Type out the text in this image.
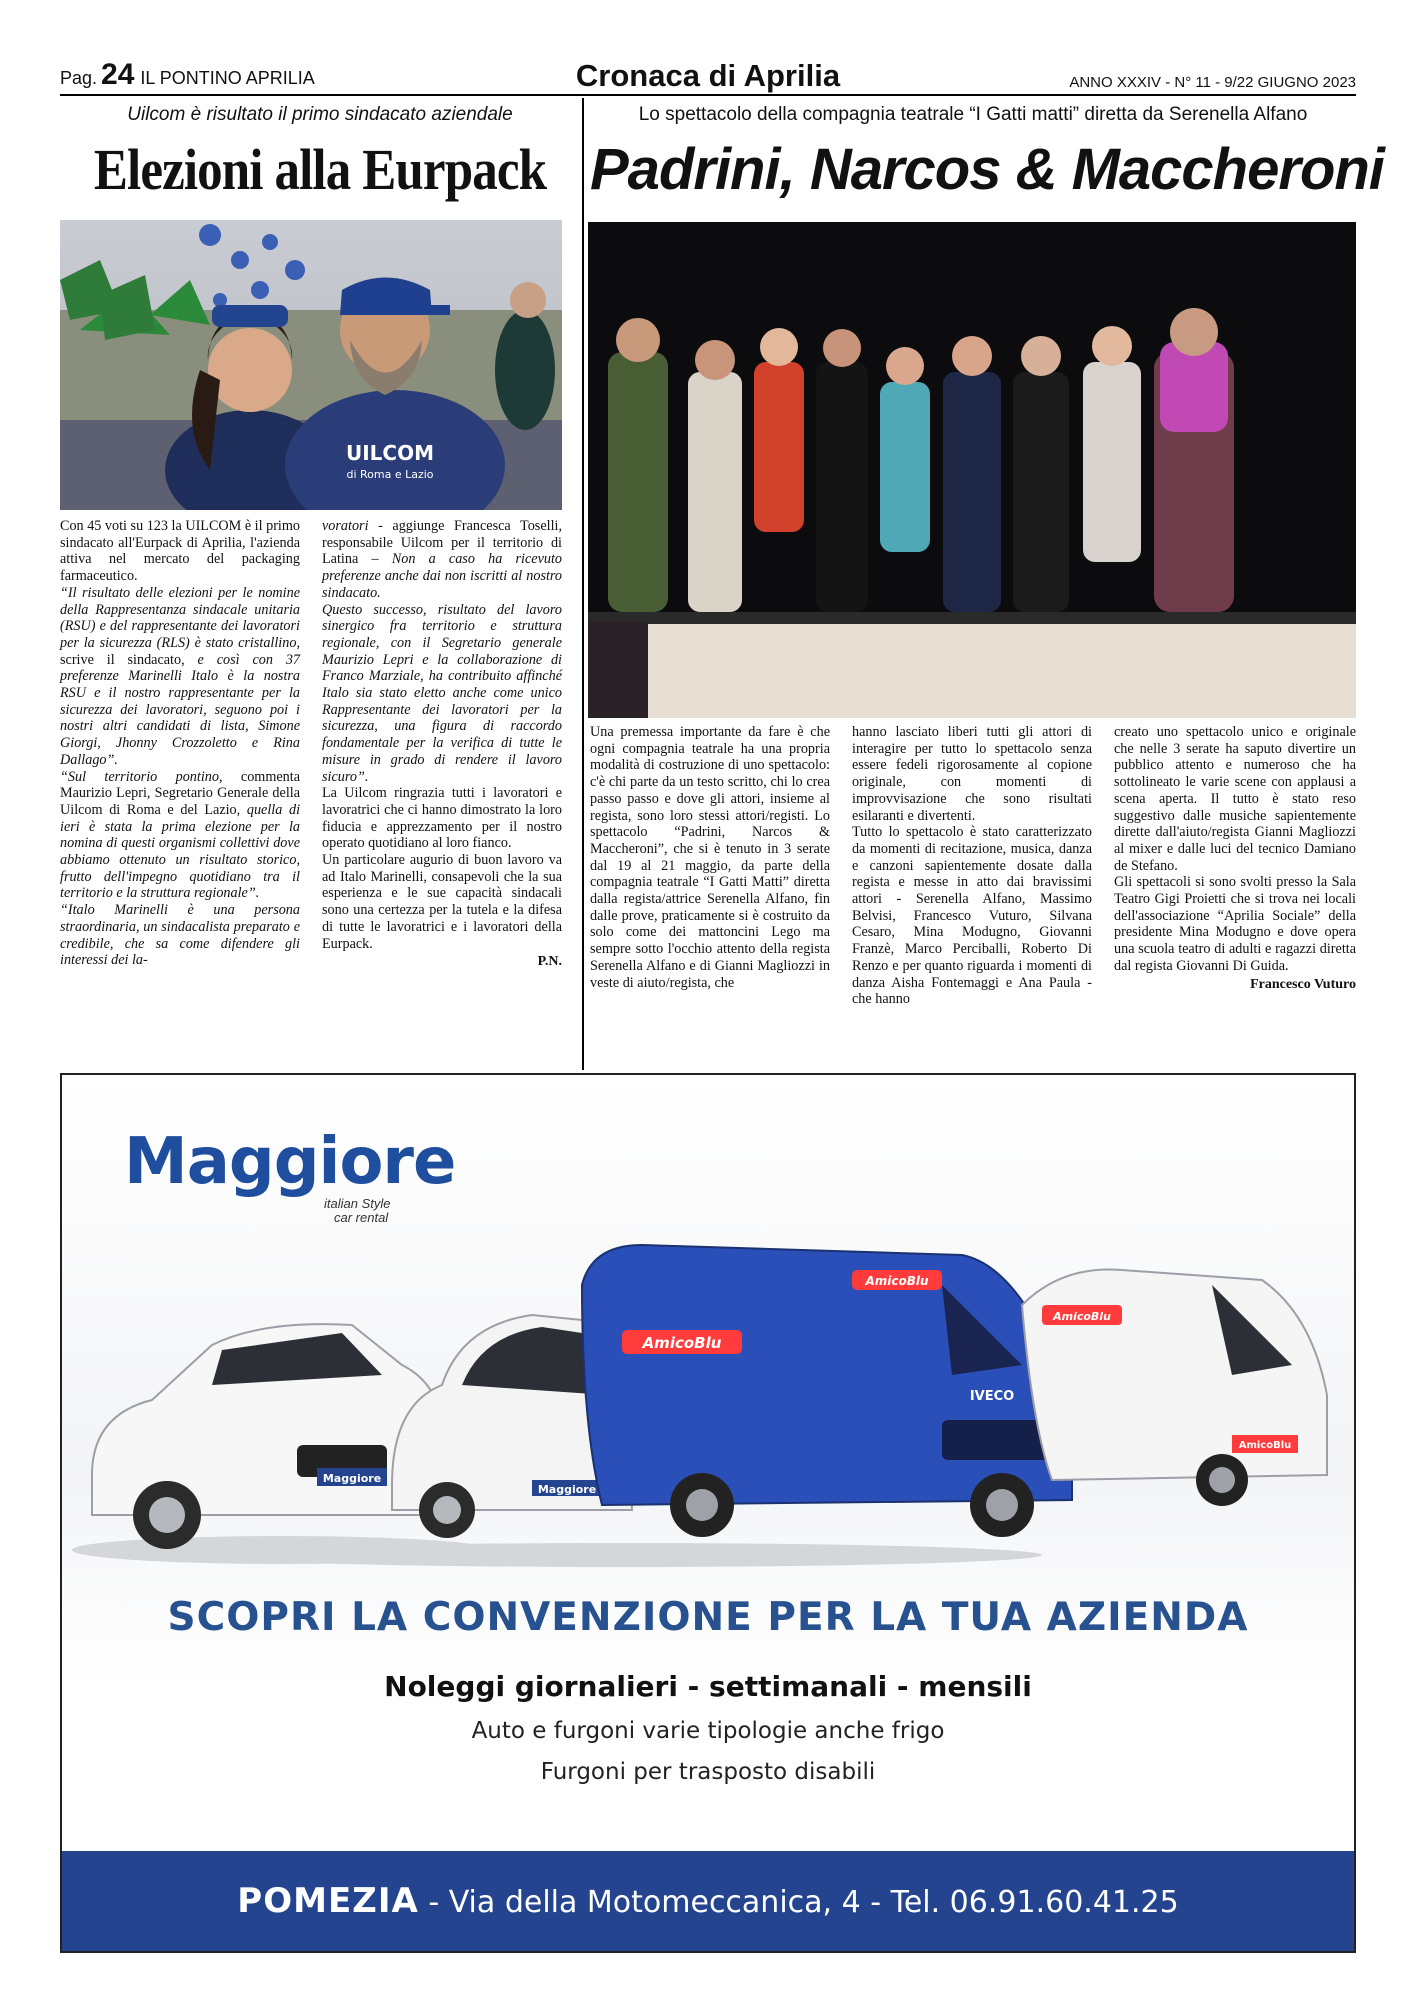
Pag. 24 IL PONTINO APRILIA	Cronaca di Aprilia	ANNO XXXIV - N° 11 - 9/22 GIUGNO 2023
Uilcom è risultato il primo sindacato aziendale
Elezioni alla Eurpack
UILCOM
di Roma e Lazio

Con 45 voti su 123 la UILCOM è il primo sindacato all'Eurpack di Aprilia, l'azienda attiva nel mercato del packaging farmaceutico.

“Il risultato delle elezioni per le nomine della Rappresentanza sindacale unitaria (RSU) e del rappresentante dei lavoratori per la sicurezza (RLS) è stato cristallino, scrive il sindacato, e così con 37 preferenze Marinelli Italo è la nostra RSU e il nostro rappresentante per la sicurezza dei lavoratori, seguono poi i nostri altri candidati di lista, Simone Giorgi, Jhonny Crozzoletto e Rina Dallago”.

“Sul territorio pontino, commenta Maurizio Lepri, Segretario Generale della Uilcom di Roma e del Lazio, quella di ieri è stata la prima elezione per la nomina di questi organismi collettivi dove abbiamo ottenuto un risultato storico, frutto dell'impegno quotidiano tra il territorio e la struttura regionale”.

“Italo Marinelli è una persona straordinaria, un sindacalista preparato e credibile, che sa come difendere gli interessi dei la-

voratori - aggiunge Francesca Toselli, responsabile Uilcom per il territorio di Latina – Non a caso ha ricevuto preferenze anche dai non iscritti al nostro sindacato.

Questo successo, risultato del lavoro sinergico fra territorio e struttura regionale, con il Segretario generale Maurizio Lepri e la collaborazione di Franco Marziale, ha contribuito affinché Italo sia stato eletto anche come unico Rappresentante dei lavoratori per la sicurezza, una figura di raccordo fondamentale per la verifica di tutte le misure in grado di rendere il lavoro sicuro”.

La Uilcom ringrazia tutti i lavoratori e lavoratrici che ci hanno dimostrato la loro fiducia e apprezzamento per il nostro operato quotidiano al loro fianco.

Un particolare augurio di buon lavoro va ad Italo Marinelli, consapevoli che la sua esperienza e le sue capacità sindacali sono una certezza per la tutela e la difesa di tutte le lavoratrici e i lavoratori della Eurpack.

P.N.
Lo spettacolo della compagnia teatrale “I Gatti matti” diretta da Serenella Alfano
Padrini, Narcos & Maccheroni

Una premessa importante da fare è che ogni compagnia teatrale ha una propria modalità di costruzione di uno spettacolo: c'è chi parte da un testo scritto, chi lo crea passo passo e dove gli attori, insieme al regista, sono loro stessi attori/registi. Lo spettacolo “Padrini, Narcos & Maccheroni”, che si è tenuto in 3 serate dal 19 al 21 maggio, da parte della compagnia teatrale “I Gatti Matti” diretta dalla regista/attrice Serenella Alfano, fin dalle prove, praticamente si è costruito da solo come dei mattoncini Lego ma sempre sotto l'occhio attento della regista Serenella Alfano e di Gianni Magliozzi in veste di aiuto/regista, che

hanno lasciato liberi tutti gli attori di interagire per tutto lo spettacolo senza essere fedeli rigorosamente al copione originale, con momenti di improvvisazione che sono risultati esilaranti e divertenti.

Tutto lo spettacolo è stato caratterizzato da momenti di recitazione, musica, danza e canzoni sapientemente dosate dalla regista e messe in atto dai bravissimi attori - Serenella Alfano, Massimo Belvisi, Francesco Vuturo, Silvana Cesaro, Mina Modugno, Giovanni Franzè, Marco Perciballi, Roberto Di Renzo e per quanto riguarda i momenti di danza Aisha Fontemaggi e Ana Paula - che hanno

creato uno spettacolo unico e originale che nelle 3 serate ha saputo divertire un pubblico attento e numeroso che ha sottolineato le varie scene con applausi a scena aperta. Il tutto è stato reso suggestivo dalle musiche sapientemente dirette dall'aiuto/regista Gianni Magliozzi al mixer e dalle luci del tecnico Damiano de Stefano.

Gli spettacoli si sono svolti presso la Sala Teatro Gigi Proietti che si trova nei locali dell'associazione “Aprilia Sociale” della presidente Mina Modugno e dove opera una scuola teatro di adulti e ragazzi diretta dal regista Giovanni Di Guida.

Francesco Vuturo
Maggiore
italian Style
car rental
Maggiore
Maggiore
IVECO
AmicoBlu
AmicoBlu
AmicoBlu
AmicoBlu
SCOPRI LA CONVENZIONE PER LA TUA AZIENDA
Noleggi giornalieri - settimanali - mensili
Auto e furgoni varie tipologie anche frigo
Furgoni per trasposto disabili
POMEZIA - Via della Motomeccanica, 4 - Tel. 06.91.60.41.25
